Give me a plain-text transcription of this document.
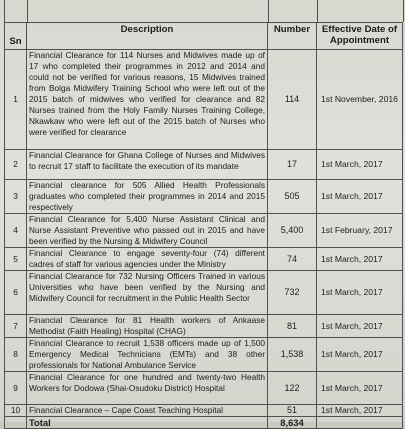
Sn	Description	Number	Effective Date of Appointment
1	Financial Clearance for 114 Nurses and Midwives made up of 17 who completed their programmes in 2012 and 2014 and could not be verified for various reasons, 15 Midwives trained from Bolga Midwifery Training School who were left out of the 2015 batch of midwives who verified for clearance and 82 Nurses trained from the Holy Family Nurses Training College, Nkawkaw who were left out of the 2015 batch of Nurses who were verified for clearance	114	1st November, 2016
2	Financial Clearance for Ghana College of Nurses and Midwives to recruit 17 staff to facilitate the execution of its mandate	17	1st March, 2017
3	Financial clearance for 505 Allied Health Professionals graduates who completed their programmes in 2014 and 2015 respectively	505	1st March, 2017
4	Financial Clearance for 5,400 Nurse Assistant Clinical and Nurse Assistant Preventive who passed out in 2015 and have been verified by the Nursing & Midwifery Council	5,400	1st February, 2017
5	Financial Clearance to engage seventy-four (74) different cadres of staff for various agencies under the Ministry	74	1st March, 2017
6	Financial Clearance for 732 Nursing Officers Trained in various Universities who have been verified by the Nursing and Midwifery Council for recruitment in the Public Health Sector	732	1st March, 2017
7	Financial Clearance for 81 Health workers of Ankaase Methodist (Faith Healing) Hospital (CHAG)	81	1st March, 2017
8	Financial Clearance to recruit 1,538 officers made up of 1,500 Emergency Medical Technicians (EMTs) and 38 other professionals for National Ambulance Service	1,538	1st March, 2017
9	Financial Clearance for one hundred and twenty-two Health Workers for Dodowa (Shai-Osudoku District) Hospital	122	1st March, 2017
10	Financial Clearance – Cape Coast Teaching Hospital	51	1st March, 2017
	Total	8,634	
